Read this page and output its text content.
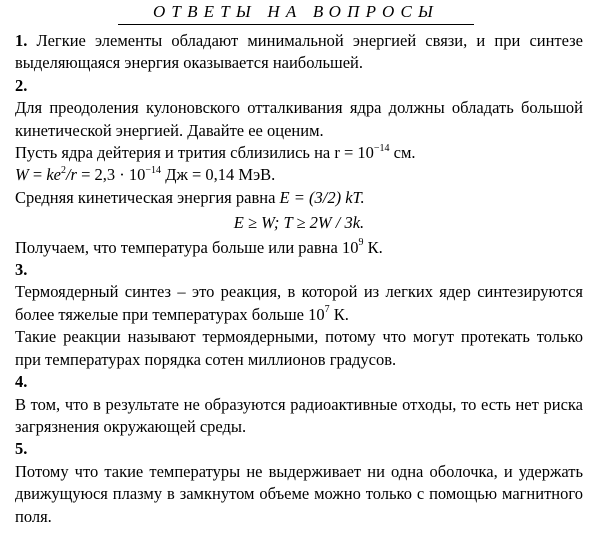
ОТВЕТЫ НА ВОПРОСЫ

1. Легкие элементы обладают минимальной энергией связи, и при синтезе выделяющаяся энергия оказывается наибольшей.

2.

Для преодоления кулоновского отталкивания ядра должны обладать большой кинетической энергией. Давайте ее оценим.

Пусть ядра дейтерия и трития сблизились на $r = 10^{-14}$ см.

$W = ke^2/r = 2,3 \cdot 10^{-14}$ Дж = 0,14 МэВ.

Средняя кинетическая энергия равна E = (3/2) kT.

E ≥ W; T ≥ 2W / 3k.

Получаем, что температура больше или равна $10^9$ К.

3.

Термоядерный синтез – это реакция, в которой из легких ядер синтезируются более тяжелые при температурах больше $10^7$ К.

Такие реакции называют термоядерными, потому что могут протекать только при температурах порядка сотен миллионов градусов.

4.

В том, что в результате не образуются радиоактивные отходы, то есть нет риска загрязнения окружающей среды.

5.

Потому что такие температуры не выдерживает ни одна оболочка, и удержать движущуюся плазму в замкнутом объеме можно только с помощью магнитного поля.
